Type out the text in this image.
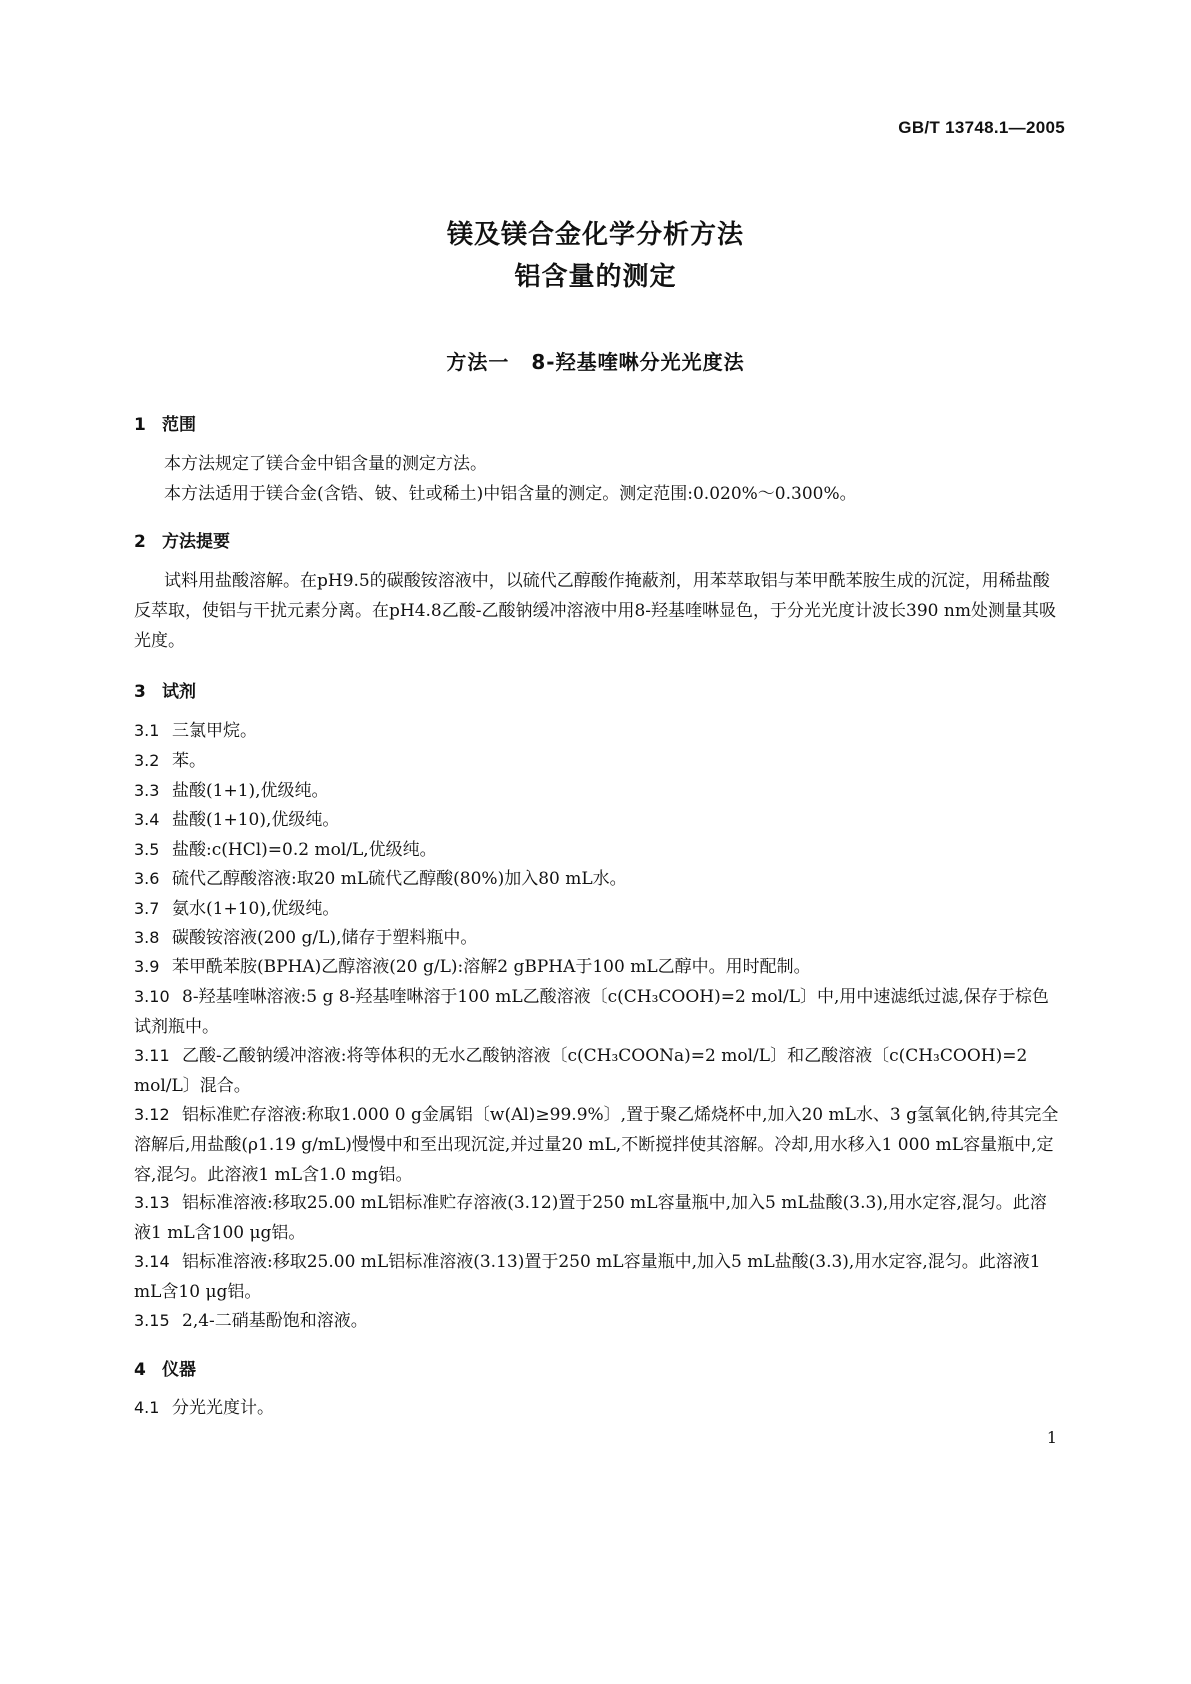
GB/T 13748.1—2005
镁及镁合金化学分析方法
铝含量的测定
方法一 8-羟基喹啉分光光度法
1 范围
本方法规定了镁合金中铝含量的测定方法。
本方法适用于镁合金(含锆、铍、钍或稀土)中铝含量的测定。测定范围:0.020%～0.300%。
2 方法提要
试料用盐酸溶解。在pH9.5的碳酸铵溶液中，以硫代乙醇酸作掩蔽剂，用苯萃取铝与苯甲酰苯胺生成的沉淀，用稀盐酸反萃取，使铝与干扰元素分离。在pH4.8乙酸-乙酸钠缓冲溶液中用8-羟基喹啉显色，于分光光度计波长390 nm处测量其吸光度。
3 试剂
3.1 三氯甲烷。
3.2 苯。
3.3 盐酸(1+1),优级纯。
3.4 盐酸(1+10),优级纯。
3.5 盐酸:c(HCl)=0.2 mol/L,优级纯。
3.6 硫代乙醇酸溶液:取20 mL硫代乙醇酸(80%)加入80 mL水。
3.7 氨水(1+10),优级纯。
3.8 碳酸铵溶液(200 g/L),储存于塑料瓶中。
3.9 苯甲酰苯胺(BPHA)乙醇溶液(20 g/L):溶解2 gBPHA于100 mL乙醇中。用时配制。
3.10 8-羟基喹啉溶液:5 g 8-羟基喹啉溶于100 mL乙酸溶液〔c(CH₃COOH)=2 mol/L〕中,用中速滤纸过滤,保存于棕色试剂瓶中。
3.11 乙酸-乙酸钠缓冲溶液:将等体积的无水乙酸钠溶液〔c(CH₃COONa)=2 mol/L〕和乙酸溶液〔c(CH₃COOH)=2 mol/L〕混合。
3.12 铝标准贮存溶液:称取1.000 0 g金属铝〔w(Al)≥99.9%〕,置于聚乙烯烧杯中,加入20 mL水、3 g氢氧化钠,待其完全溶解后,用盐酸(ρ1.19 g/mL)慢慢中和至出现沉淀,并过量20 mL,不断搅拌使其溶解。冷却,用水移入1 000 mL容量瓶中,定容,混匀。此溶液1 mL含1.0 mg铝。
3.13 铝标准溶液:移取25.00 mL铝标准贮存溶液(3.12)置于250 mL容量瓶中,加入5 mL盐酸(3.3),用水定容,混匀。此溶液1 mL含100 μg铝。
3.14 铝标准溶液:移取25.00 mL铝标准溶液(3.13)置于250 mL容量瓶中,加入5 mL盐酸(3.3),用水定容,混匀。此溶液1 mL含10 μg铝。
3.15 2,4-二硝基酚饱和溶液。
4 仪器
4.1 分光光度计。
1
